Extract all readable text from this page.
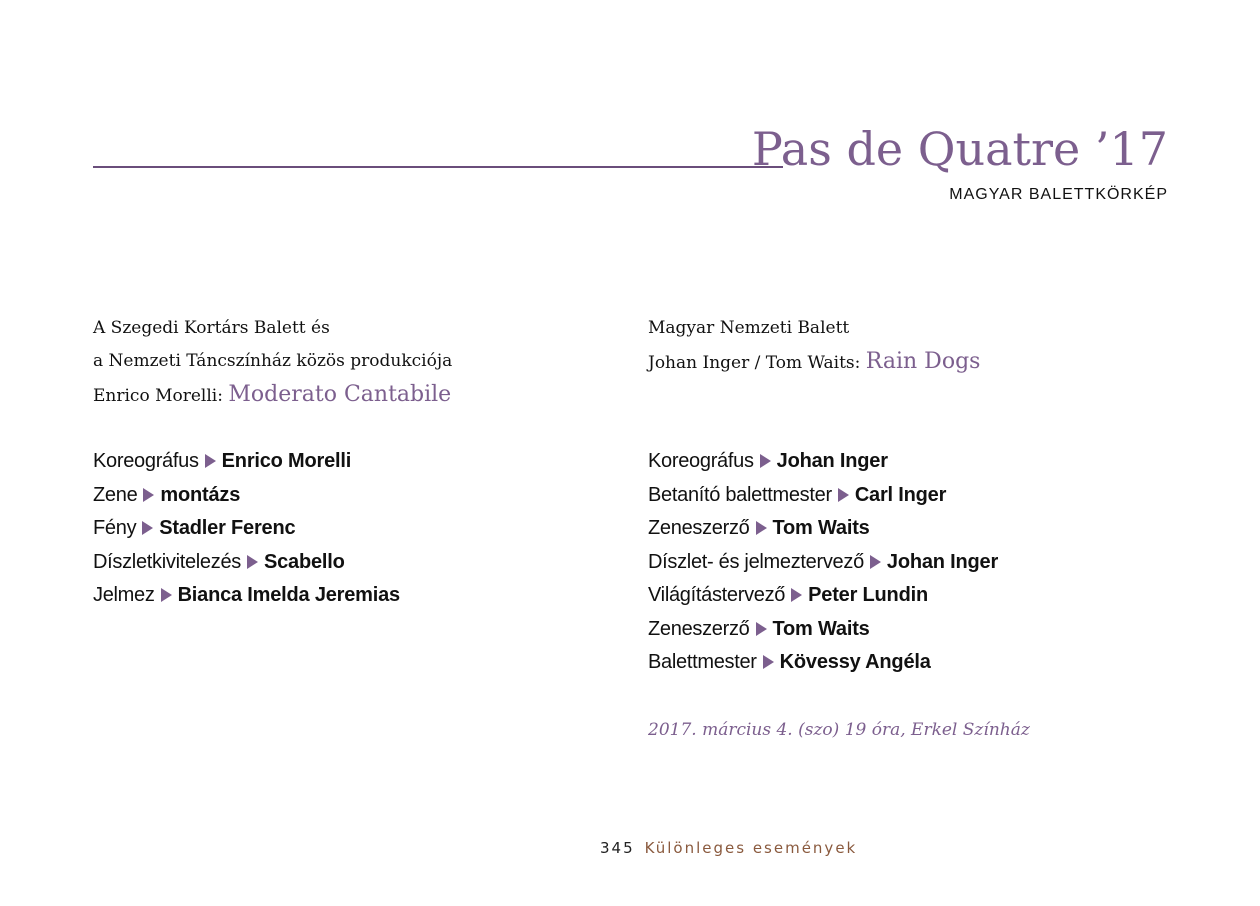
Pas de Quatre ’17
MAGYAR BALETTKÖRKÉP
A Szegedi Kortárs Balett és
a Nemzeti Táncszínház közös produkciója
Enrico Morelli: Moderato Cantabile
Koreográfus Enrico Morelli
Zene montázs
Fény Stadler Ferenc
Díszletkivitelezés Scabello
Jelmez Bianca Imelda Jeremias
Magyar Nemzeti Balett
Johan Inger / Tom Waits: Rain Dogs
Koreográfus Johan Inger
Betanító balettmester Carl Inger
Zeneszerző Tom Waits
Díszlet- és jelmeztervező Johan Inger
Világítástervező Peter Lundin
Zeneszerző Tom Waits
Balettmester Kövessy Angéla
2017. március 4. (szo) 19 óra, Erkel Színház
345 Különleges események
